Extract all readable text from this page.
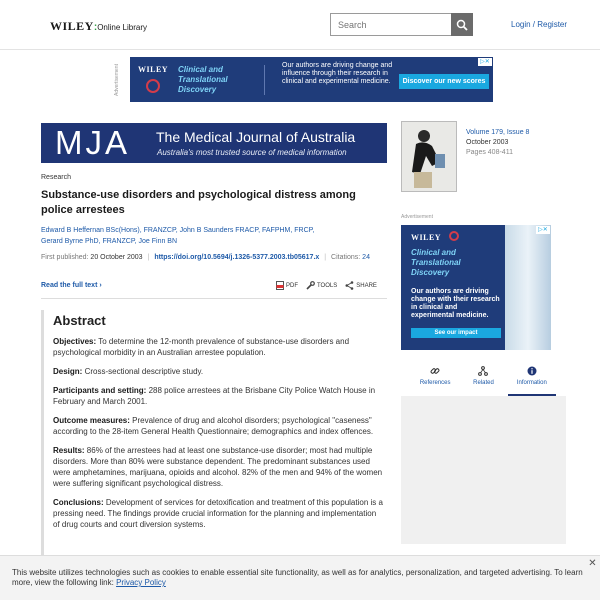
WILEY:Online Library
Search	Login / Register
Advertisement	WILEY Clinical and
Translational
Discovery
Our authors are driving change and influence through their research in clinical and experimental medicine.	Discover our new scores
▷✕
MJA The Medical Journal of Australia
Australia's most trusted source of medical information
Research
Substance-use disorders and psychological distress among police arrestees
Edward B Heffernan BSc(Hons), FRANZCP, John B Saunders FRACP, FAFPHM, FRCP, Gerard Byrne PhD, FRANZCP, Joe Finn BN
First published: 20 October 2003 | https://doi.org/10.5694/j.1326-5377.2003.tb05617.x | Citations: 24
Read the full text ›	PDF	TOOLS	SHARE
Abstract

Objectives: To determine the 12-month prevalence of substance-use disorders and psychological morbidity in an Australian arrestee population.

Design: Cross-sectional descriptive study.

Participants and setting: 288 police arrestees at the Brisbane City Police Watch House in February and March 2001.

Outcome measures: Prevalence of drug and alcohol disorders; psychological "caseness" according to the 28-item General Health Questionnaire; demographics and index offences.

Results: 86% of the arrestees had at least one substance-use disorder; most had multiple disorders. More than 80% were substance dependent. The predominant substances used were amphetamines, marijuana, opioids and alcohol. 82% of the men and 94% of the women were suffering significant psychological distress.

Conclusions: Development of services for detoxification and treatment of this population is a pressing need. The findings provide crucial information for the planning and implementation of drug courts and court diversion systems.

Volume 179, Issue 8
October 2003
Pages 408-411
Advertisement
WILEY
Clinical and
Translational
Discovery
Our authors are driving change with their research in clinical and experimental medicine.
See our impact
▷✕
References	Related	Information
This website utilizes technologies such as cookies to enable essential site functionality, as well as for analytics, personalization, and targeted advertising. To learn more, view the following link: Privacy Policy
✕
